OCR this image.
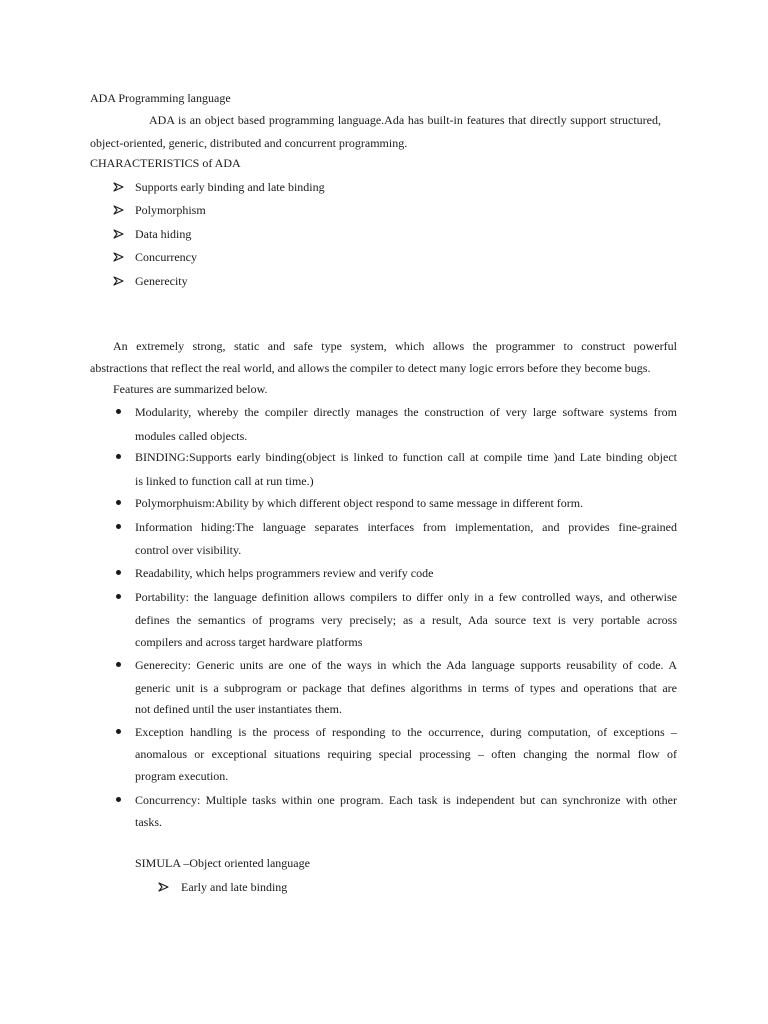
ADA Programming language
ADA is an object based programming language.Ada has built-in features that directly support structured,
object-oriented, generic, distributed and concurrent programming.
CHARACTERISTICS of ADA
Supports early binding and late binding
Polymorphism
Data hiding
Concurrency
Generecity
An extremely strong, static and safe type system, which allows the programmer to construct powerful
abstractions that reflect the real world, and allows the compiler to detect many logic errors before they become bugs.
Features are summarized below.
Modularity, whereby the compiler directly manages the construction of very large software systems from
modules called objects.
BINDING:Supports early binding(object is linked to function call at compile time )and Late binding object
is linked to function call at run time.)
Polymorphuism:Ability by which different object respond to same message in different form.
Information hiding:The language separates interfaces from implementation, and provides fine-grained
control over visibility.
Readability, which helps programmers review and verify code
Portability: the language definition allows compilers to differ only in a few controlled ways, and otherwise
defines the semantics of programs very precisely; as a result, Ada source text is very portable across
compilers and across target hardware platforms
Generecity: Generic units are one of the ways in which the Ada language supports reusability of code. A
generic unit is a subprogram or package that defines algorithms in terms of types and operations that are
not defined until the user instantiates them.
Exception handling is the process of responding to the occurrence, during computation, of exceptions –
anomalous or exceptional situations requiring special processing – often changing the normal flow of
program execution.
Concurrency: Multiple tasks within one program. Each task is independent but can synchronize with other
tasks.
SIMULA –Object oriented language
Early and late binding
